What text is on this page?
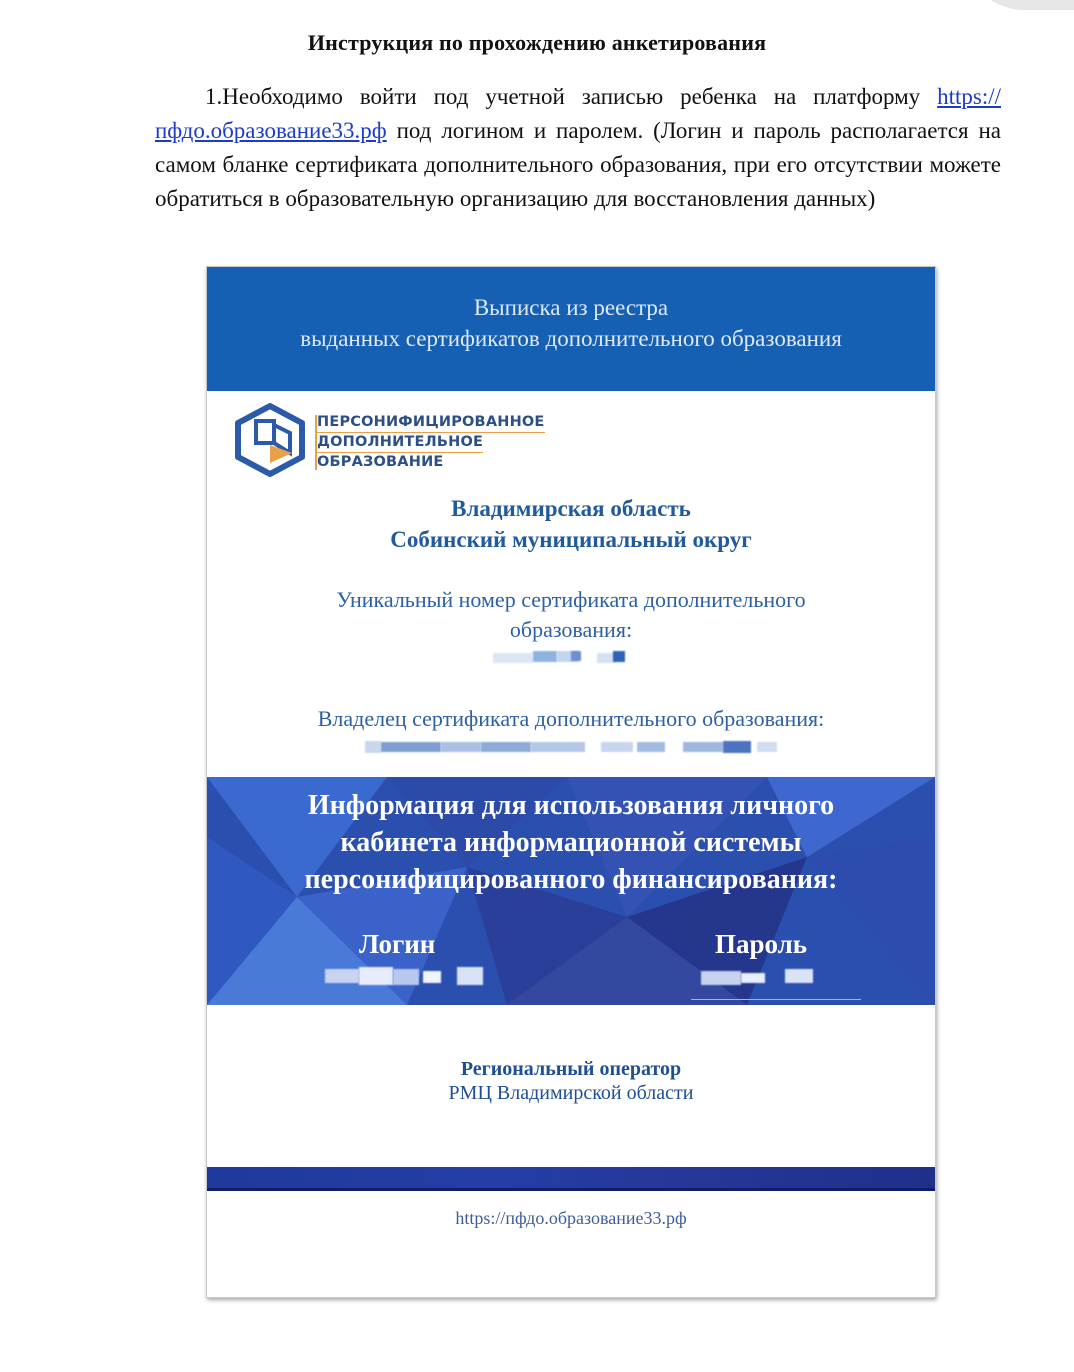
Инструкция по прохождению анкетирования
1.Необходимо войти под учетной записью ребенка на платформу https://пфдо.образование33.рф под логином и паролем. (Логин и пароль располагается на самом бланке сертификата дополнительного образования, при его отсутствии можете обратиться в образовательную организацию для восстановления данных)
Выписка из реестра
выданных сертификатов дополнительного образования
ПЕРСОНИФИЦИРОВАННОЕ
ДОПОЛНИТЕЛЬНОЕ
ОБРАЗОВАНИЕ
Владимирская область
Собинский муниципальный округ
Уникальный номер сертификата дополнительного
образования:
Владелец сертификата дополнительного образования:
Информация для использования личного
кабинета информационной системы
персонифицированного финансирования:
Логин	Пароль
Региональный оператор
РМЦ Владимирской области
https://пфдо.образование33.рф
